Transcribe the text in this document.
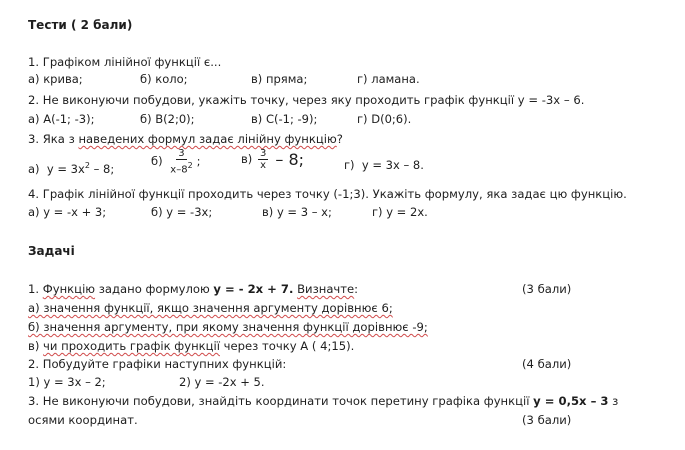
Тести ( 2 бали)
1. Графіком лінійної функції є...
а) крива;	б) коло;	в) пряма;	г) ламана.
2. Не виконуючи побудови, укажіть точку, через яку проходить графік функції у = -3х – 6.
а) А(-1; -3);	б) В(2;0);	в) С(-1; -9);	г) D(0;6).
3. Яка з наведених формул задає лінійну функцію?
а) $у = 3х^2 - 8$;
$б) \frac{3}{х-8^2}$ ;	$в) \frac{3}{х} - 8$;	г) у = 3х – 8.
4. Графік лінійної функції проходить через точку (-1;3). Укажіть формулу, яка задає цю функцію.
а) у = -х + 3;	б) у = -3х;	в) у = 3 – х;	г) у = 2х.
Задачі
1. Функцію задано формулою у = - 2х + 7. Визначте:	(3 бали)
а) значення функції, якщо значення аргументу дорівнює 6;
б) значення аргументу, при якому значення функції дорівнює -9;
в) чи проходить графік функції через точку А ( 4;15).
2. Побудуйте графіки наступних функцій:	(4 бали)
1) у = 3х – 2;	2) у = -2х + 5.
3. Не виконуючи побудови, знайдіть координати точок перетину графіка функції у = 0,5х – 3 з
осями координат.	(3 бали)
